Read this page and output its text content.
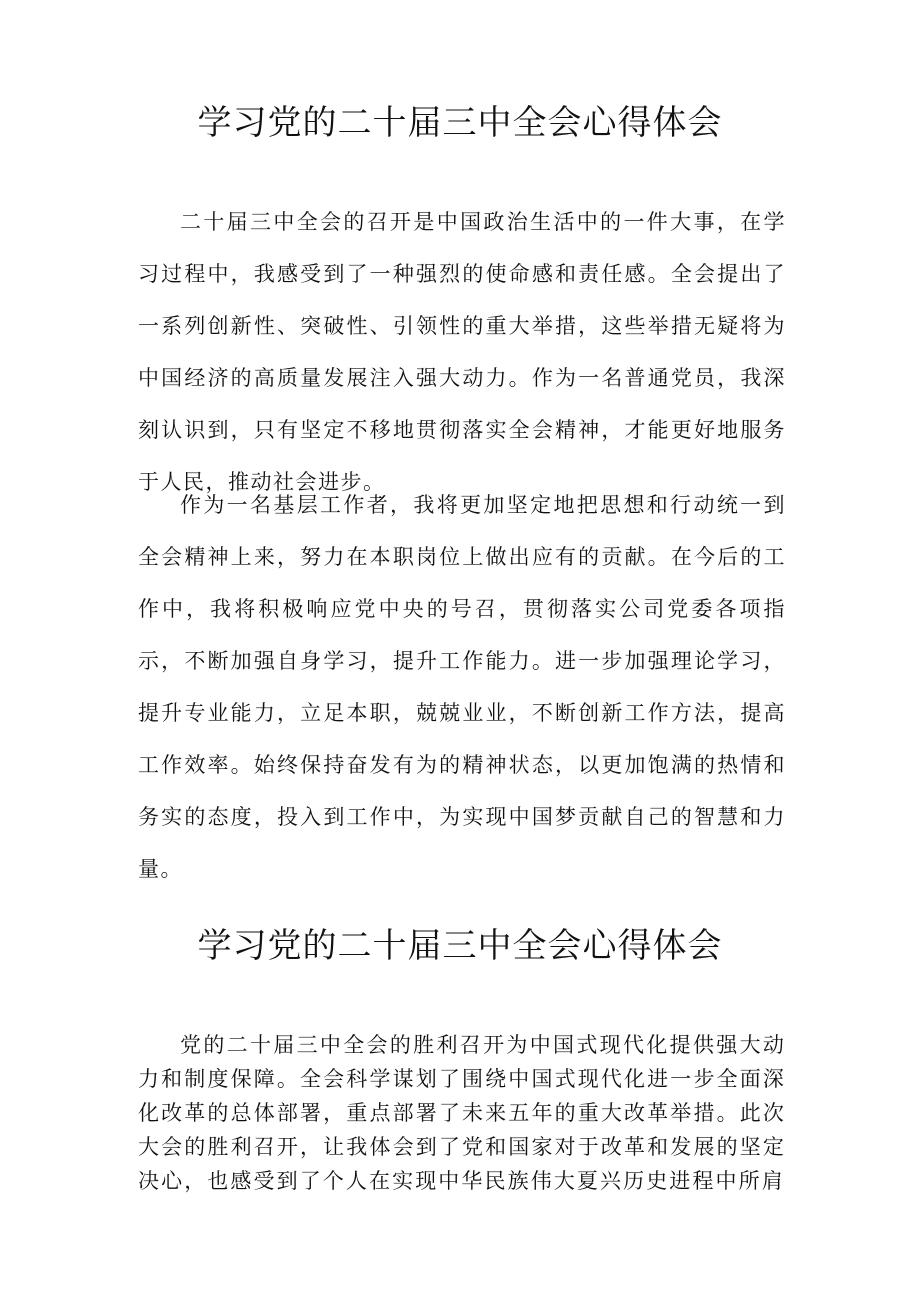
学习党的二十届三中全会心得体会

二十届三中全会的召开是中国政治生活中的一件大事，在学习过程中，我感受到了一种强烈的使命感和责任感。全会提出了一系列创新性、突破性、引领性的重大举措，这些举措无疑将为中国经济的高质量发展注入强大动力。作为一名普通党员，我深刻认识到，只有坚定不移地贯彻落实全会精神，才能更好地服务于人民，推动社会进步。

作为一名基层工作者，我将更加坚定地把思想和行动统一到全会精神上来，努力在本职岗位上做出应有的贡献。在今后的工作中，我将积极响应党中央的号召，贯彻落实公司党委各项指示，不断加强自身学习，提升工作能力。进一步加强理论学习，提升专业能力，立足本职，兢兢业业，不断创新工作方法，提高工作效率。始终保持奋发有为的精神状态，以更加饱满的热情和务实的态度，投入到工作中，为实现中国梦贡献自己的智慧和力量。

学习党的二十届三中全会心得体会

党的二十届三中全会的胜利召开为中国式现代化提供强大动力和制度保障。全会科学谋划了围绕中国式现代化进一步全面深化改革的总体部署，重点部署了未来五年的重大改革举措。此次大会的胜利召开，让我体会到了党和国家对于改革和发展的坚定决心，也感受到了个人在实现中华民族伟大夏兴历史进程中所肩
